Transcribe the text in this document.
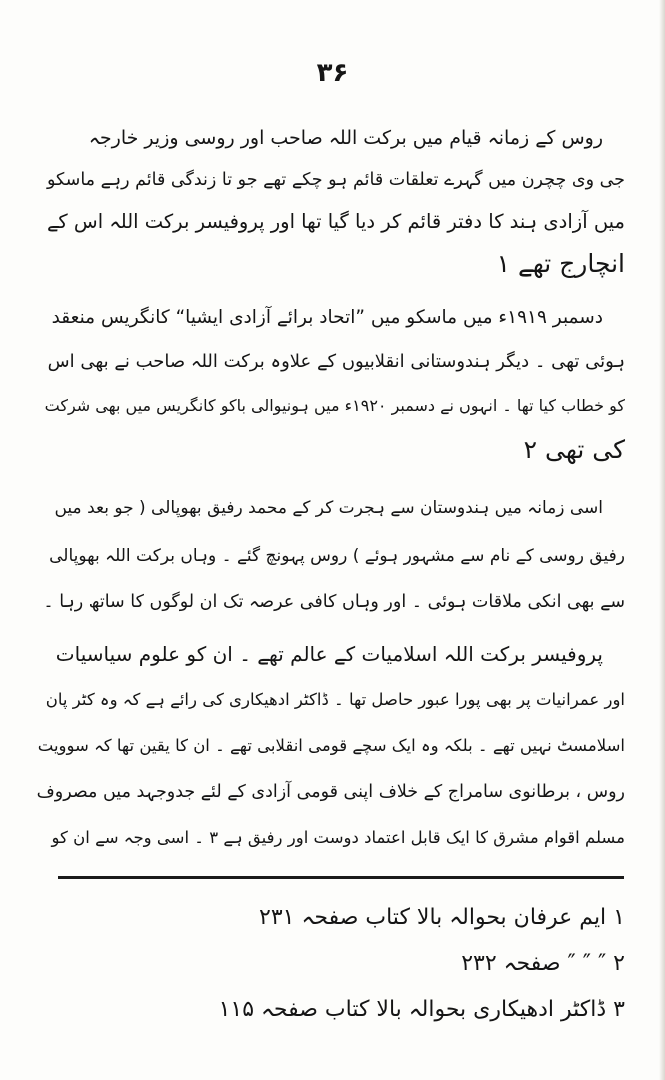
۳۶
روس کے زمانہ قیام میں برکت اللہ صاحب اور روسی وزیر خارجہ
جی وی چچرن میں گہرے تعلقات قائم ہو چکے تھے جو تا زندگی قائم رہے ماسکو
میں آزادی ہند کا دفتر قائم کر دیا گیا تھا اور پروفیسر برکت اللہ اس کے
انچارج تھے ۱
دسمبر ۱۹۱۹ء میں ماسکو میں ”اتحاد برائے آزادی ایشیا“ کانگریس منعقد
ہوئی تھی ۔ دیگر ہندوستانی انقلابیوں کے علاوہ برکت اللہ صاحب نے بھی اس
کو خطاب کیا تھا ۔ انہوں نے دسمبر ۱۹۲۰ء میں ہونیوالی باکو کانگریس میں بھی شرکت
کی تھی ۲
اسی زمانہ میں ہندوستان سے ہجرت کر کے محمد رفیق بھوپالی ( جو بعد میں
رفیق روسی کے نام سے مشہور ہوئے ) روس پہونچ گئے ۔ وہاں برکت اللہ بھوپالی
سے بھی انکی ملاقات ہوئی ۔ اور وہاں کافی عرصہ تک ان لوگوں کا ساتھ رہا ۔
پروفیسر برکت اللہ اسلامیات کے عالم تھے ۔ ان کو علوم سیاسیات
اور عمرانیات پر بھی پورا عبور حاصل تھا ۔ ڈاکٹر ادھیکاری کی رائے ہے کہ وہ کٹر پان
اسلامسٹ نہیں تھے ۔ بلکہ وہ ایک سچے قومی انقلابی تھے ۔ ان کا یقین تھا کہ سوویت
روس ، برطانوی سامراج کے خلاف اپنی قومی آزادی کے لئے جدوجہد میں مصروف
مسلم اقوام مشرق کا ایک قابل اعتماد دوست اور رفیق ہے ۳ ۔ اسی وجہ سے ان کو
۱ ایم عرفان بحوالہ بالا کتاب صفحہ ۲۳۱
۲ ″ ″ ″ صفحہ ۲۳۲
۳ ڈاکٹر ادھیکاری بحوالہ بالا کتاب صفحہ ۱۱۵
